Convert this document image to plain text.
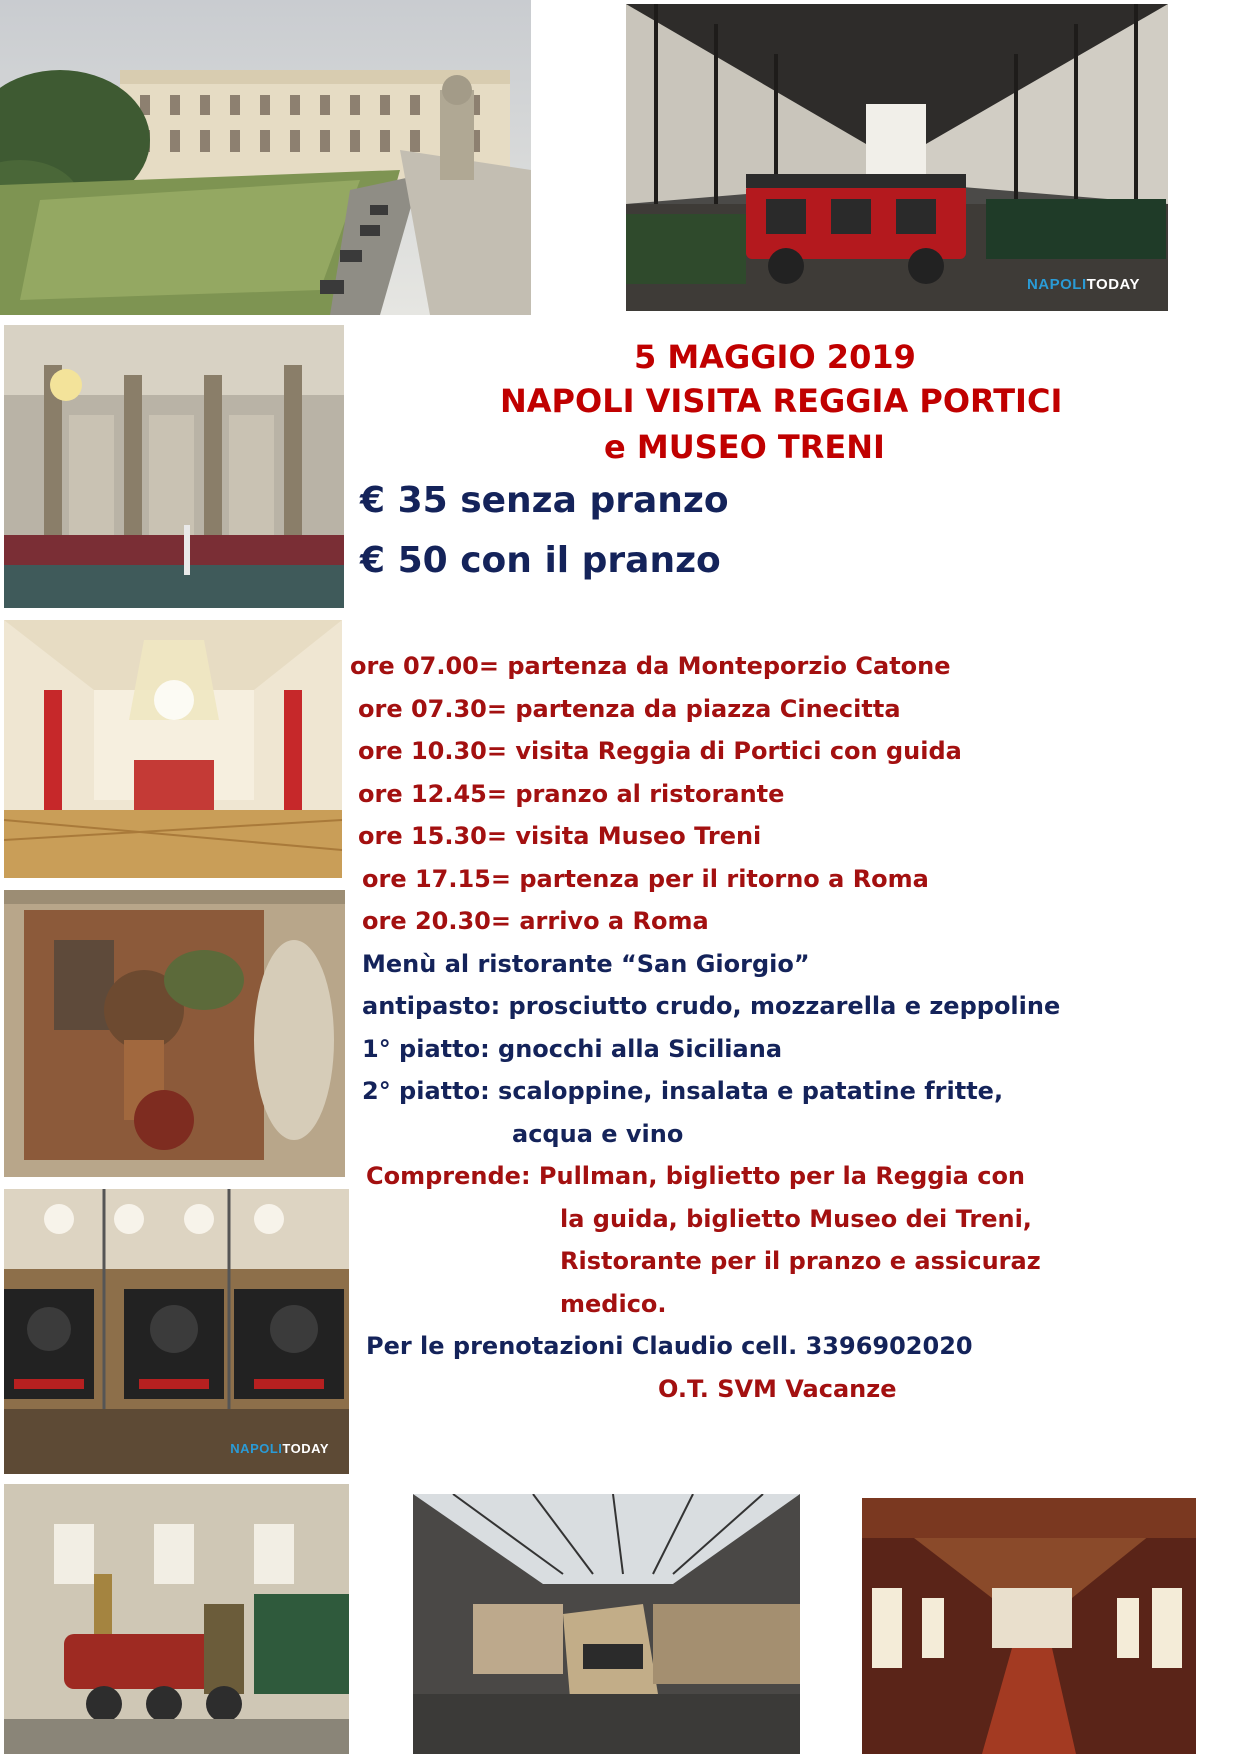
NAPOLITODAY
NAPOLITODAY

5 MAGGIO 2019

NAPOLI VISITA REGGIA PORTICI

e MUSEO TRENI

€ 35 senza pranzo

€ 50 con il pranzo

ore 07.00= partenza da Monteporzio Catone

ore 07.30= partenza da piazza Cinecitta

ore 10.30= visita Reggia di Portici con guida

ore 12.45= pranzo al ristorante

ore 15.30= visita Museo Treni

ore 17.15= partenza per il ritorno a Roma

ore 20.30= arrivo a Roma

Menù al ristorante “San Giorgio”

antipasto: prosciutto crudo, mozzarella e zeppoline

1° piatto: gnocchi alla Siciliana

2° piatto: scaloppine, insalata e patatine fritte,

acqua e vino

Comprende: Pullman, biglietto per la Reggia con

la guida, biglietto Museo dei Treni,

Ristorante per il pranzo e assicuraz

medico.

Per le prenotazioni Claudio cell. 3396902020

O.T. SVM Vacanze
